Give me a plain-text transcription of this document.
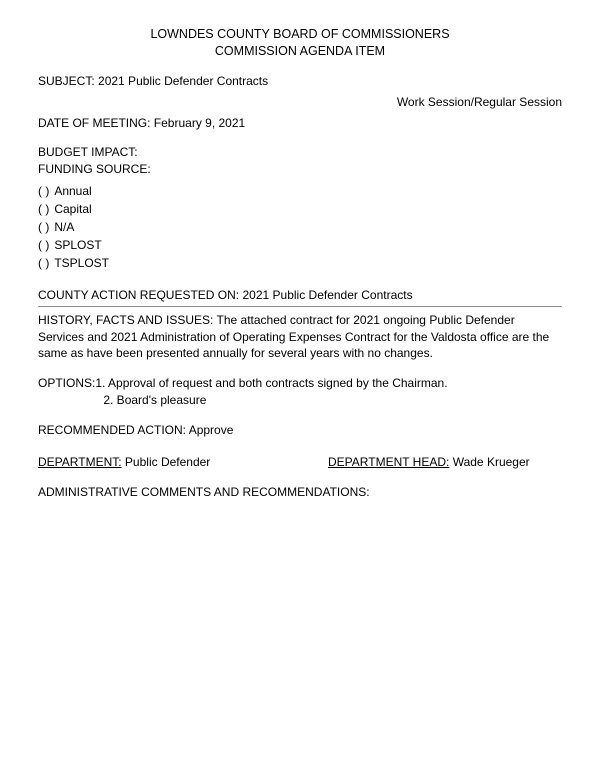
LOWNDES COUNTY BOARD OF COMMISSIONERS
COMMISSION AGENDA ITEM
SUBJECT: 2021 Public Defender Contracts
Work Session/Regular Session
DATE OF MEETING: February 9, 2021
BUDGET IMPACT:
FUNDING SOURCE:
( ) Annual
( ) Capital
( ) N/A
( ) SPLOST
( ) TSPLOST
COUNTY ACTION REQUESTED ON: 2021 Public Defender Contracts
HISTORY, FACTS AND ISSUES: The attached contract for 2021 ongoing Public Defender Services and 2021 Administration of Operating Expenses Contract for the Valdosta office are the same as have been presented annually for several years with no changes.
OPTIONS: 1. Approval of request and both contracts signed by the Chairman.
2. Board's pleasure
RECOMMENDED ACTION: Approve
DEPARTMENT: Public Defender	DEPARTMENT HEAD: Wade Krueger
ADMINISTRATIVE COMMENTS AND RECOMMENDATIONS:
